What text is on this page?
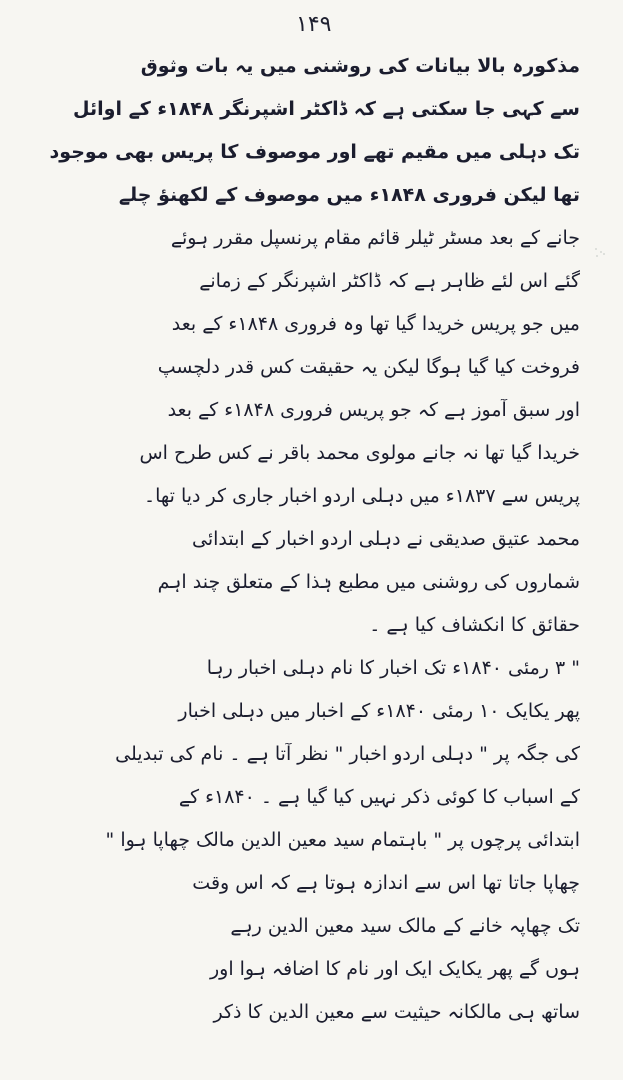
۱۴۹
مذکورہ بالا بیانات کی روشنی میں یہ بات وثوق
سے کہی جا سکتی ہے کہ ڈاکٹر اشپرنگر ۱۸۴۸ء کے اوائل
تک دہلی میں مقیم تھے اور موصوف کا پریس بھی موجود
تھا لیکن فروری ۱۸۴۸ء میں موصوف کے لکھنؤ چلے
جانے کے بعد مسٹر ٹیلر قائم مقام پرنسپل مقرر ہوئے
گئے اس لئے ظاہر ہے کہ ڈاکٹر اشپرنگر کے زمانے
میں جو پریس خریدا گیا تھا وہ فروری ۱۸۴۸ء کے بعد
فروخت کیا گیا ہوگا لیکن یہ حقیقت کس قدر دلچسپ
اور سبق آموز ہے کہ جو پریس فروری ۱۸۴۸ء کے بعد
خریدا گیا تھا نہ جانے مولوی محمد باقر نے کس طرح اس
پریس سے ۱۸۳۷ء میں دہلی اردو اخبار جاری کر دیا تھا۔
محمد عتیق صدیقی نے دہلی اردو اخبار کے ابتدائی
شماروں کی روشنی میں مطبع ہٰذا کے متعلق چند اہم
حقائق کا انکشاف کیا ہے ۔
" ۳ رمئی ۱۸۴۰ء تک اخبار کا نام دہلی اخبار رہا
پھر یکایک ۱۰ رمئی ۱۸۴۰ء کے اخبار میں دہلی اخبار
کی جگہ پر " دہلی اردو اخبار " نظر آتا ہے ۔ نام کی تبدیلی
کے اسباب کا کوئی ذکر نہیں کیا گیا ہے ۔ ۱۸۴۰ء کے
ابتدائی پرچوں پر " باہتمام سید معین الدین مالک چھاپا ہوا "
چھاپا جاتا تھا اس سے اندازہ ہوتا ہے کہ اس وقت
تک چھاپہ خانے کے مالک سید معین الدین رہے
ہوں گے پھر یکایک ایک اور نام کا اضافہ ہوا اور
ساتھ ہی مالکانہ حیثیت سے معین الدین کا ذکر
